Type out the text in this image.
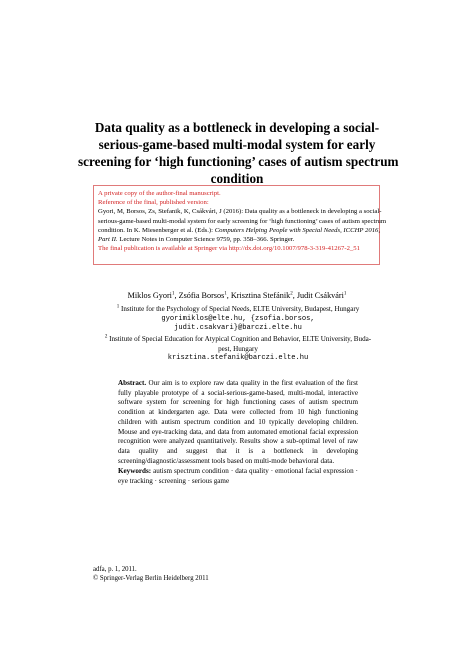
Data quality as a bottleneck in developing a social-
serious-game-based multi-modal system for early
screening for ‘high functioning’ cases of autism spectrum
condition
A private copy of the author-final manuscript.
Reference of the final, published version:
Gyori, M, Borsos, Zs, Stefanik, K, Csákvári, J (2016): Data quality as a bottleneck in developing a social-
serious-game-based multi-modal system for early screening for ‘high functioning’ cases of autism spectrum
condition. In K. Miesenberger et al. (Eds.): Computers Helping People with Special Needs, ICCHP 2016,
Part II. Lecture Notes in Computer Science 9759, pp. 358–366. Springer.
The final publication is available at Springer via http://dx.doi.org/10.1007/978-3-319-41267-2_51
Miklos Gyori$^1$, Zsófia Borsos$^1$, Krisztina Stefánik$^2$, Judit Csákvári$^1$
$^1$ Institute for the Psychology of Special Needs, ELTE University, Budapest, Hungary
gyorimiklos@elte.hu, {zsofia.borsos,
judit.csakvari}@barczi.elte.hu
$^2$ Institute of Special Education for Atypical Cognition and Behavior, ELTE University, Buda-
pest, Hungary
krisztina.stefanik@barczi.elte.hu
Abstract. Our aim is to explore raw data quality in the first evaluation of the first fully playable prototype of a social-serious-game-based, multi-modal, interactive software system for screening for high functioning cases of autism spectrum condition at kindergarten age. Data were collected from 10 high functioning children with autism spectrum condition and 10 typically developing children. Mouse and eye-tracking data, and data from automated emotional facial expression recognition were analyzed quantitatively. Results show a sub-optimal level of raw data quality and suggest that it is a bottleneck in developing screening/diagnostic/assessment tools based on multi-mode behavioral data.
Keywords: autism spectrum condition · data quality · emotional facial expression · eye tracking · screening · serious game
adfa, p. 1, 2011.
© Springer-Verlag Berlin Heidelberg 2011
